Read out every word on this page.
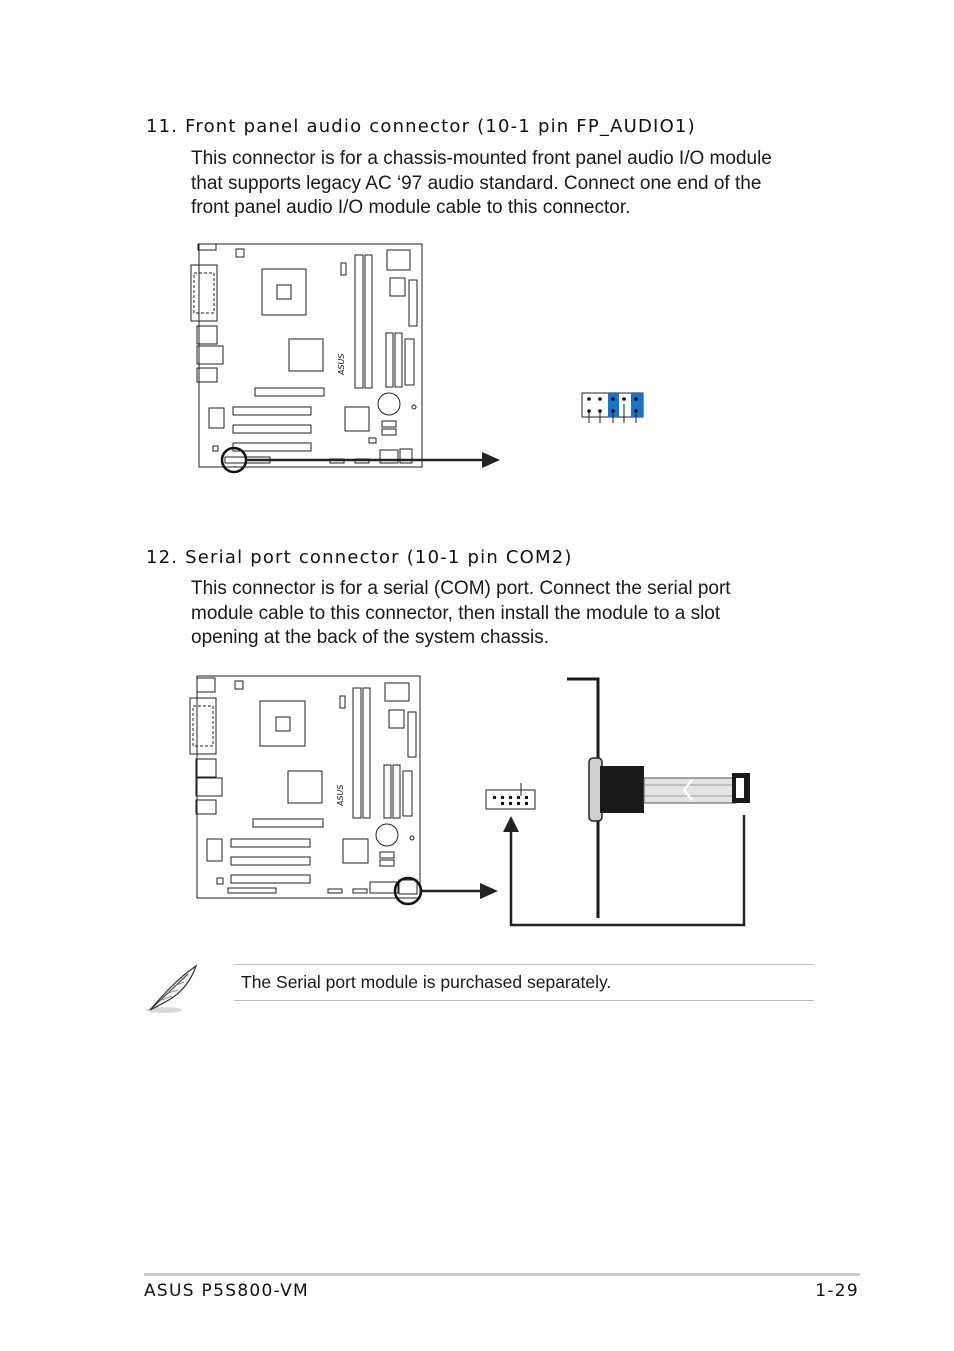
11. Front panel audio connector (10-1 pin FP_AUDIO1)

This connector is for a chassis-mounted front panel audio I/O module

that supports legacy AC ‘97 audio standard. Connect one end of the

front panel audio I/O module cable to this connector.

ASUS
12. Serial port connector (10-1 pin COM2)

This connector is for a serial (COM) port. Connect the serial port

module cable to this connector, then install the module to a slot

opening at the back of the system chassis.

ASUS
The Serial port module is purchased separately.
ASUS P5S800-VM	1-29
